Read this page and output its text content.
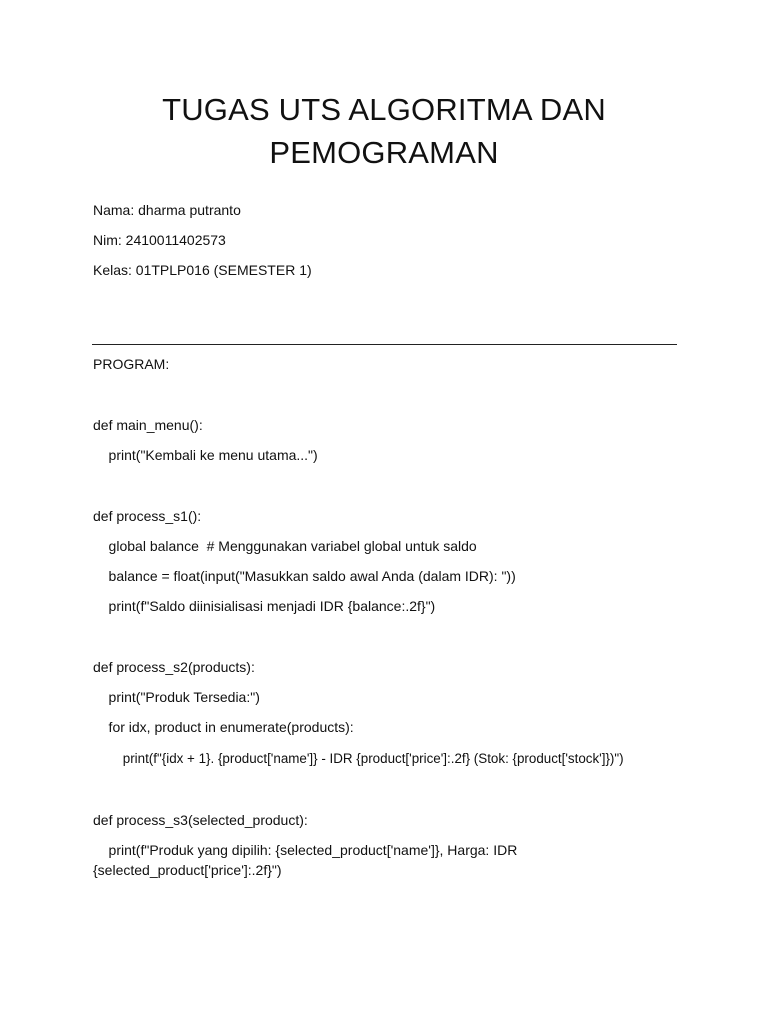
TUGAS UTS ALGORITMA DAN
PEMOGRAMAN
Nama: dharma putranto
Nim: 2410011402573
Kelas: 01TPLP016 (SEMESTER 1)
PROGRAM:
def main_menu():
print("Kembali ke menu utama...")
def process_s1():
global balance  # Menggunakan variabel global untuk saldo
balance = float(input("Masukkan saldo awal Anda (dalam IDR): "))
print(f"Saldo diinisialisasi menjadi IDR {balance:.2f}")
def process_s2(products):
print("Produk Tersedia:")
for idx, product in enumerate(products):
print(f"{idx + 1}. {product['name']} - IDR {product['price']:.2f} (Stok: {product['stock']})")
def process_s3(selected_product):
print(f"Produk yang dipilih: {selected_product['name']}, Harga: IDR
{selected_product['price']:.2f}")
